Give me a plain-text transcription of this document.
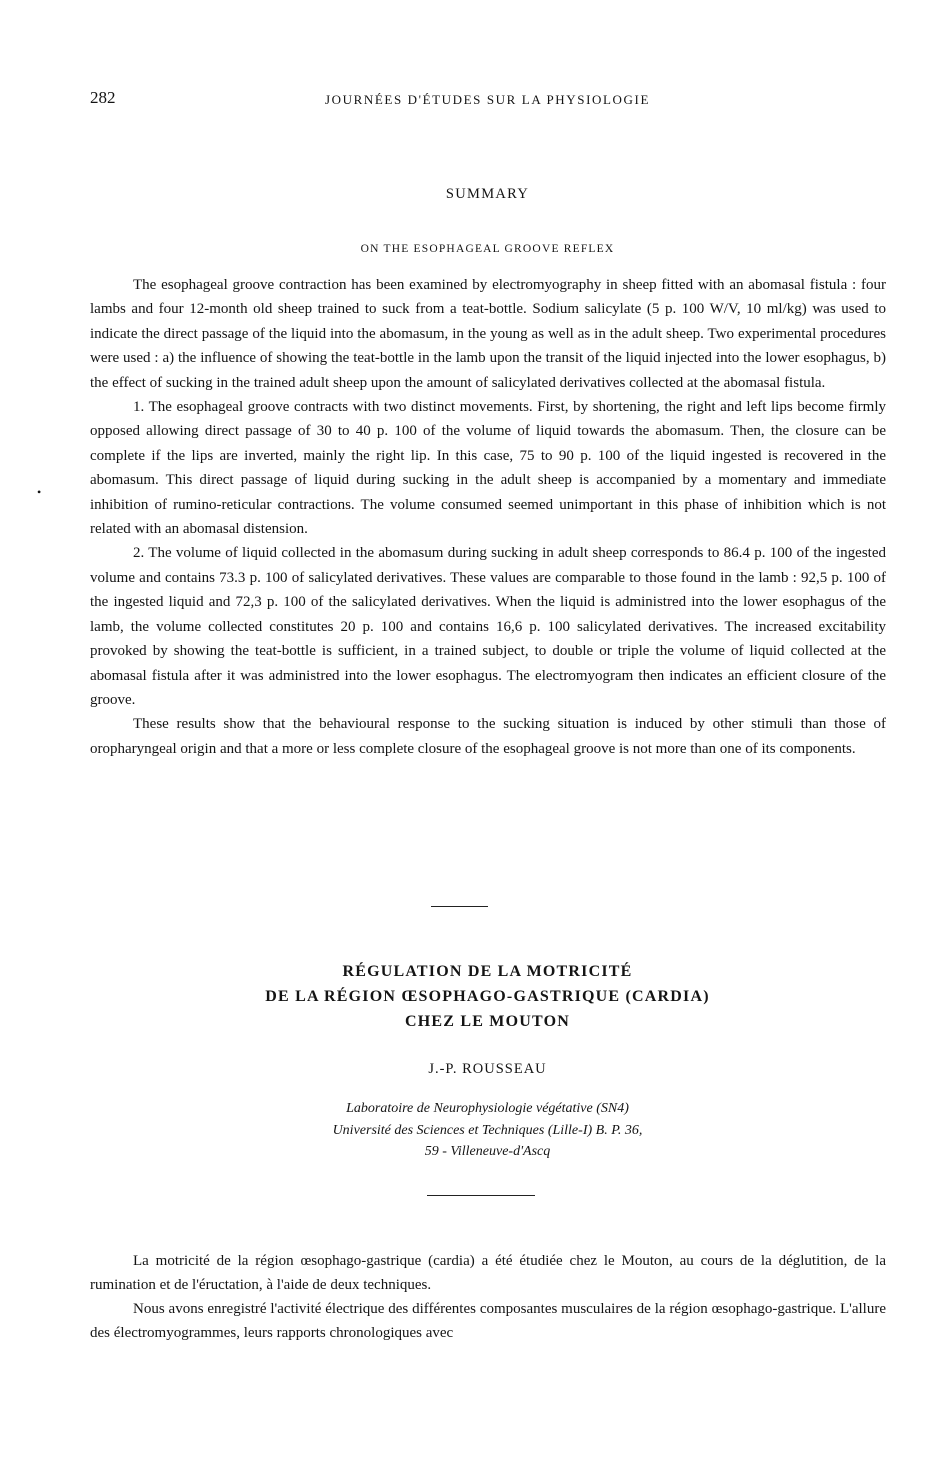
282	JOURNÉES D'ÉTUDES SUR LA PHYSIOLOGIE
SUMMARY
ON THE ESOPHAGEAL GROOVE REFLEX

The esophageal groove contraction has been examined by electromyography in sheep fitted with an abomasal fistula : four lambs and four 12-month old sheep trained to suck from a teat-bottle. Sodium salicylate (5 p. 100 W/V, 10 ml/kg) was used to indicate the direct passage of the liquid into the abomasum, in the young as well as in the adult sheep. Two experimental procedures were used : a) the influence of showing the teat-bottle in the lamb upon the transit of the liquid injected into the lower esophagus, b) the effect of sucking in the trained adult sheep upon the amount of salicylated derivatives collected at the abomasal fistula.

1. The esophageal groove contracts with two distinct movements. First, by shortening, the right and left lips become firmly opposed allowing direct passage of 30 to 40 p. 100 of the volume of liquid towards the abomasum. Then, the closure can be complete if the lips are inverted, mainly the right lip. In this case, 75 to 90 p. 100 of the liquid ingested is recovered in the abomasum. This direct passage of liquid during sucking in the adult sheep is accompanied by a momentary and immediate inhibition of rumino-reticular contractions. The volume consumed seemed unimportant in this phase of inhibition which is not related with an abomasal distension.

2. The volume of liquid collected in the abomasum during sucking in adult sheep corresponds to 86.4 p. 100 of the ingested volume and contains 73.3 p. 100 of salicylated derivatives. These values are comparable to those found in the lamb : 92,5 p. 100 of the ingested liquid and 72,3 p. 100 of the salicylated derivatives. When the liquid is administred into the lower esophagus of the lamb, the volume collected constitutes 20 p. 100 and contains 16,6 p. 100 salicylated derivatives. The increased excitability provoked by showing the teat-bottle is sufficient, in a trained subject, to double or triple the volume of liquid collected at the abomasal fistula after it was administred into the lower esophagus. The electromyogram then indicates an efficient closure of the groove.

These results show that the behavioural response to the sucking situation is induced by other stimuli than those of oropharyngeal origin and that a more or less complete closure of the esophageal groove is not more than one of its components.

•
RÉGULATION DE LA MOTRICITÉ
DE LA RÉGION ŒSOPHAGO-GASTRIQUE (CARDIA)
CHEZ LE MOUTON
J.-P. ROUSSEAU
Laboratoire de Neurophysiologie végétative (SN4)
Université des Sciences et Techniques (Lille-I) B. P. 36,
59 - Villeneuve-d'Ascq

La motricité de la région œsophago-gastrique (cardia) a été étudiée chez le Mouton, au cours de la déglutition, de la rumination et de l'éructation, à l'aide de deux techniques.

Nous avons enregistré l'activité électrique des différentes composantes musculaires de la région œsophago-gastrique. L'allure des électromyogrammes, leurs rapports chronologiques avec
